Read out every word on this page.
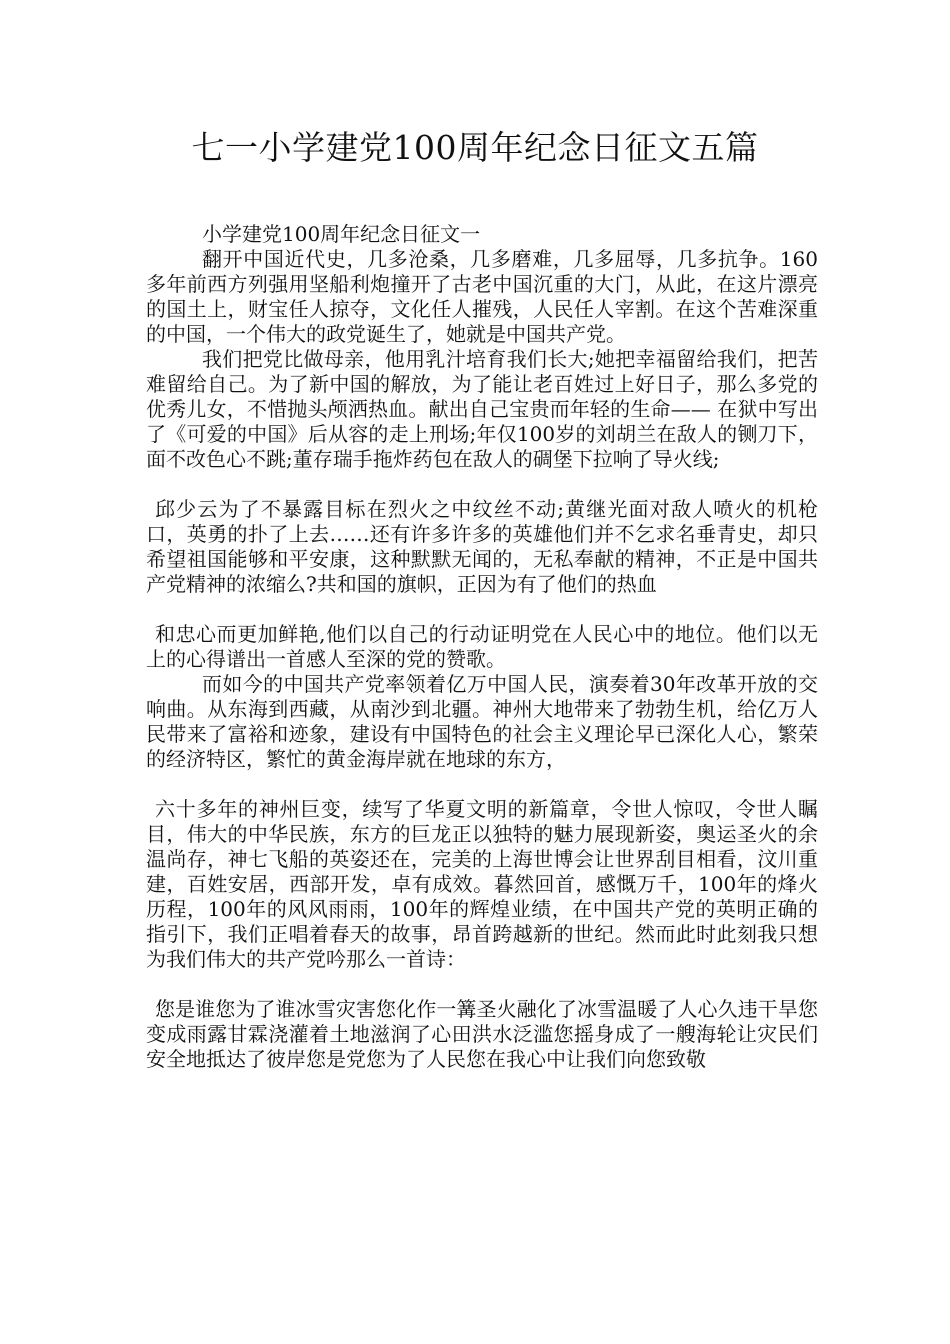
七一小学建党100周年纪念日征文五篇

小学建党100周年纪念日征文一

翻开中国近代史，几多沧桑，几多磨难，几多屈辱，几多抗争。160多年前西方列强用坚船利炮撞开了古老中国沉重的大门，从此，在这片漂亮的国土上，财宝任人掠夺，文化任人摧残，人民任人宰割。在这个苦难深重的中国，一个伟大的政党诞生了，她就是中国共产党。

我们把党比做母亲，他用乳汁培育我们长大;她把幸福留给我们，把苦难留给自己。为了新中国的解放，为了能让老百姓过上好日子，那么多党的优秀儿女，不惜抛头颅洒热血。献出自己宝贵而年轻的生命—— 在狱中写出了《可爱的中国》后从容的走上刑场;年仅100岁的刘胡兰在敌人的铡刀下，面不改色心不跳;董存瑞手拖炸药包在敌人的碉堡下拉响了导火线;

邱少云为了不暴露目标在烈火之中纹丝不动;黄继光面对敌人喷火的机枪口，英勇的扑了上去……还有许多许多的英雄他们并不乞求名垂青史，却只希望祖国能够和平安康，这种默默无闻的，无私奉献的精神，不正是中国共产党精神的浓缩么?共和国的旗帜，正因为有了他们的热血

和忠心而更加鲜艳,他们以自己的行动证明党在人民心中的地位。他们以无上的心得谱出一首感人至深的党的赞歌。

而如今的中国共产党率领着亿万中国人民，演奏着30年改革开放的交响曲。从东海到西藏，从南沙到北疆。神州大地带来了勃勃生机，给亿万人民带来了富裕和迹象，建设有中国特色的社会主义理论早已深化人心，繁荣的经济特区，繁忙的黄金海岸就在地球的东方，

六十多年的神州巨变，续写了华夏文明的新篇章，令世人惊叹，令世人瞩目，伟大的中华民族，东方的巨龙正以独特的魅力展现新姿，奥运圣火的余温尚存，神七飞船的英姿还在，完美的上海世博会让世界刮目相看，汶川重建，百姓安居，西部开发，卓有成效。暮然回首，感慨万千，100年的烽火历程，100年的风风雨雨，100年的辉煌业绩，在中国共产党的英明正确的指引下，我们正唱着春天的故事，昂首跨越新的世纪。然而此时此刻我只想为我们伟大的共产党吟那么一首诗：

您是谁您为了谁冰雪灾害您化作一篝圣火融化了冰雪温暖了人心久违干旱您变成雨露甘霖浇灌着土地滋润了心田洪水泛滥您摇身成了一艘海轮让灾民们安全地抵达了彼岸您是党您为了人民您在我心中让我们向您致敬
